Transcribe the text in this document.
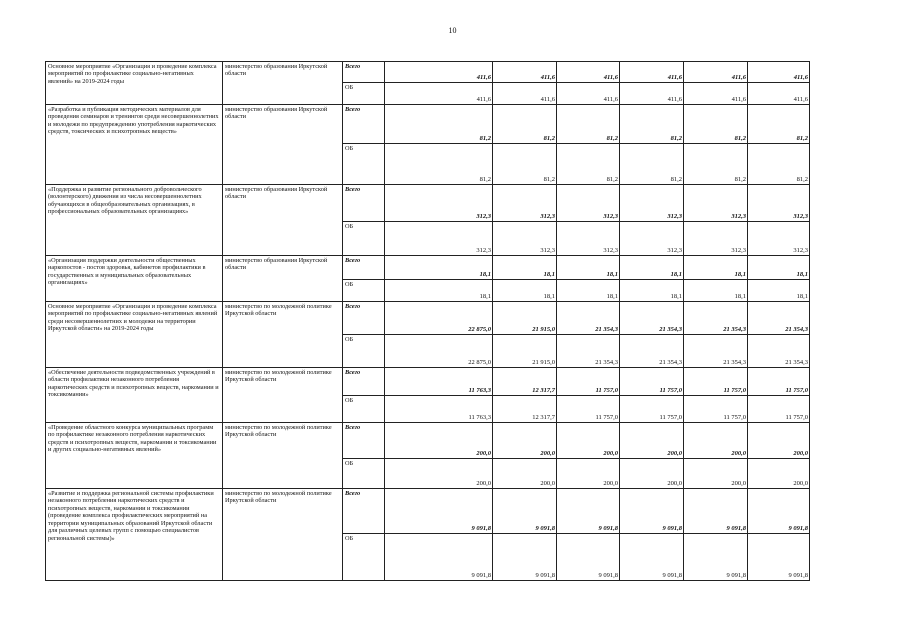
10
Основное мероприятие «Организация и проведение комплекса мероприятий по профилактике социально-негативных явлений» на 2019-2024 годы	министерство образования Иркутской области	Всего	411,6	411,6	411,6	411,6	411,6	411,6
		ОБ	411,6	411,6	411,6	411,6	411,6	411,6
«Разработка и публикация методических материалов для проведения семинаров и тренингов среди несовершеннолетних и молодежи по предупреждению употребления наркотических средств, токсических и психотропных веществ»	министерство образования Иркутской области	Всего	81,2	81,2	81,2	81,2	81,2	81,2
		ОБ	81,2	81,2	81,2	81,2	81,2	81,2
«Поддержка и развитие регионального добровольческого (волонтерского) движения из числа несовершеннолетних обучающихся в общеобразовательных организациях, в профессиональных образовательных организациях»	министерство образования Иркутской области	Всего	312,3	312,3	312,3	312,3	312,3	312,3
		ОБ	312,3	312,3	312,3	312,3	312,3	312,3
«Организация поддержки деятельности общественных наркопостов - постов здоровья, кабинетов профилактики в государственных и муниципальных образовательных организациях»	министерство образования Иркутской области	Всего	18,1	18,1	18,1	18,1	18,1	18,1
		ОБ	18,1	18,1	18,1	18,1	18,1	18,1
Основное мероприятие «Организация и проведение комплекса мероприятий по профилактике социально-негативных явлений среди несовершеннолетних и молодежи на территории Иркутской области» на 2019-2024 годы	министерство по молодежной политике Иркутской области	Всего	22 875,0	21 915,0	21 354,3	21 354,3	21 354,3	21 354,3
		ОБ	22 875,0	21 915,0	21 354,3	21 354,3	21 354,3	21 354,3
«Обеспечение деятельности подведомственных учреждений в области профилактики незаконного потребления наркотических средств и психотропных веществ, наркомании и токсикомании»	министерство по молодежной политике Иркутской области	Всего	11 763,3	12 317,7	11 757,0	11 757,0	11 757,0	11 757,0
		ОБ	11 763,3	12 317,7	11 757,0	11 757,0	11 757,0	11 757,0
«Проведение областного конкурса муниципальных программ по профилактике незаконного потребления наркотических средств и психотропных веществ, наркомании и токсикомании и других социально-негативных явлений»	министерство по молодежной политике Иркутской области	Всего	200,0	200,0	200,0	200,0	200,0	200,0
		ОБ	200,0	200,0	200,0	200,0	200,0	200,0
«Развитие и поддержка региональной системы профилактики незаконного потребления наркотических средств и психотропных веществ, наркомании и токсикомании (проведение комплекса профилактических мероприятий на территории муниципальных образований Иркутской области для различных целевых групп с помощью специалистов региональной системы)»	министерство по молодежной политике Иркутской области	Всего	9 091,8	9 091,8	9 091,8	9 091,8	9 091,8	9 091,8
		ОБ	9 091,8	9 091,8	9 091,8	9 091,8	9 091,8	9 091,8
